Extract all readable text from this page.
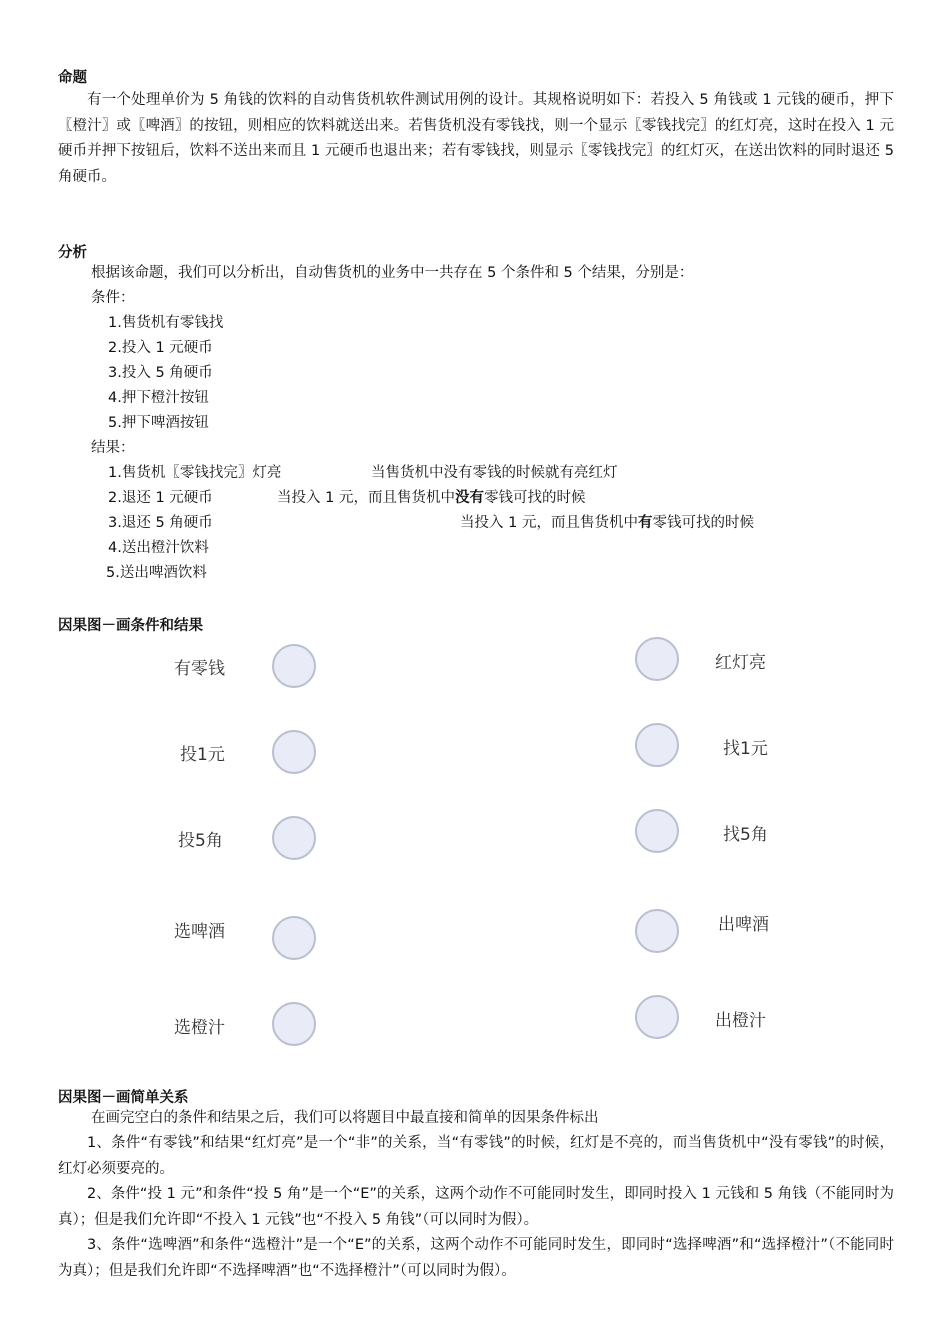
命题
有一个处理单价为 5 角钱的饮料的自动售货机软件测试用例的设计。其规格说明如下：若投入 5 角钱或 1 元钱的硬币，押下〖橙汁〗或〖啤酒〗的按钮，则相应的饮料就送出来。若售货机没有零钱找，则一个显示〖零钱找完〗的红灯亮，这时在投入 1 元硬币并押下按钮后，饮料不送出来而且 1 元硬币也退出来；若有零钱找，则显示〖零钱找完〗的红灯灭，在送出饮料的同时退还 5 角硬币。
分析
根据该命题，我们可以分析出，自动售货机的业务中一共存在 5 个条件和 5 个结果，分别是：
条件：
1.售货机有零钱找
2.投入 1 元硬币
3.投入 5 角硬币
4.押下橙汁按钮
5.押下啤酒按钮
结果：
1.售货机〖零钱找完〗灯亮	当售货机中没有零钱的时候就有亮红灯
2.退还 1 元硬币	当投入 1 元，而且售货机中没有零钱可找的时候
3.退还 5 角硬币	当投入 1 元，而且售货机中有零钱可找的时候
4.送出橙汁饮料
5.送出啤酒饮料
因果图－画条件和结果
有零钱
投1元
投5角
选啤酒
选橙汁
红灯亮
找1元
找5角
出啤酒
出橙汁
因果图－画简单关系
在画完空白的条件和结果之后，我们可以将题目中最直接和简单的因果条件标出
1、条件“有零钱”和结果“红灯亮”是一个“非”的关系，当“有零钱”的时候，红灯是不亮的，而当售货机中“没有零钱”的时候，红灯必须要亮的。
2、条件“投 1 元”和条件“投 5 角”是一个“E”的关系，这两个动作不可能同时发生，即同时投入 1 元钱和 5 角钱（不能同时为真）；但是我们允许即“不投入 1 元钱”也“不投入 5 角钱”（可以同时为假）。
3、条件“选啤酒”和条件“选橙汁”是一个“E”的关系，这两个动作不可能同时发生，即同时“选择啤酒”和“选择橙汁”（不能同时为真）；但是我们允许即“不选择啤酒”也“不选择橙汁”（可以同时为假）。
